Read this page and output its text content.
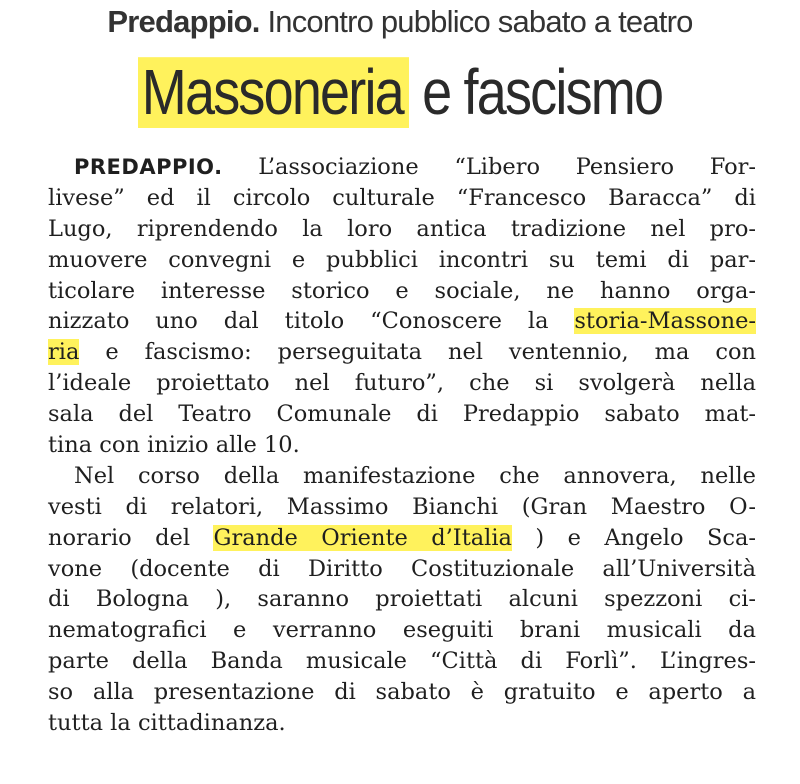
Predappio. Incontro pubblico sabato a teatro
Massoneria e fascismo
PREDAPPIO. L’associazione “Libero Pensiero For-
livese” ed il circolo culturale “Francesco Baracca” di
Lugo, riprendendo la loro antica tradizione nel pro-
muovere convegni e pubblici incontri su temi di par-
ticolare interesse storico e sociale, ne hanno orga-
nizzato uno dal titolo “Conoscere la storia-Massone-
ria e fascismo: perseguitata nel ventennio, ma con
l’ideale proiettato nel futuro”, che si svolgerà nella
sala del Teatro Comunale di Predappio sabato mat-
tina con inizio alle 10.
Nel corso della manifestazione che annovera, nelle
vesti di relatori, Massimo Bianchi (Gran Maestro O-
norario del Grande Oriente d’Italia ) e Angelo Sca-
vone (docente di Diritto Costituzionale all’Università
di Bologna ), saranno proiettati alcuni spezzoni ci-
nematografici e verranno eseguiti brani musicali da
parte della Banda musicale “Città di Forlì”. L’ingres-
so alla presentazione di sabato è gratuito e aperto a
tutta la cittadinanza.
